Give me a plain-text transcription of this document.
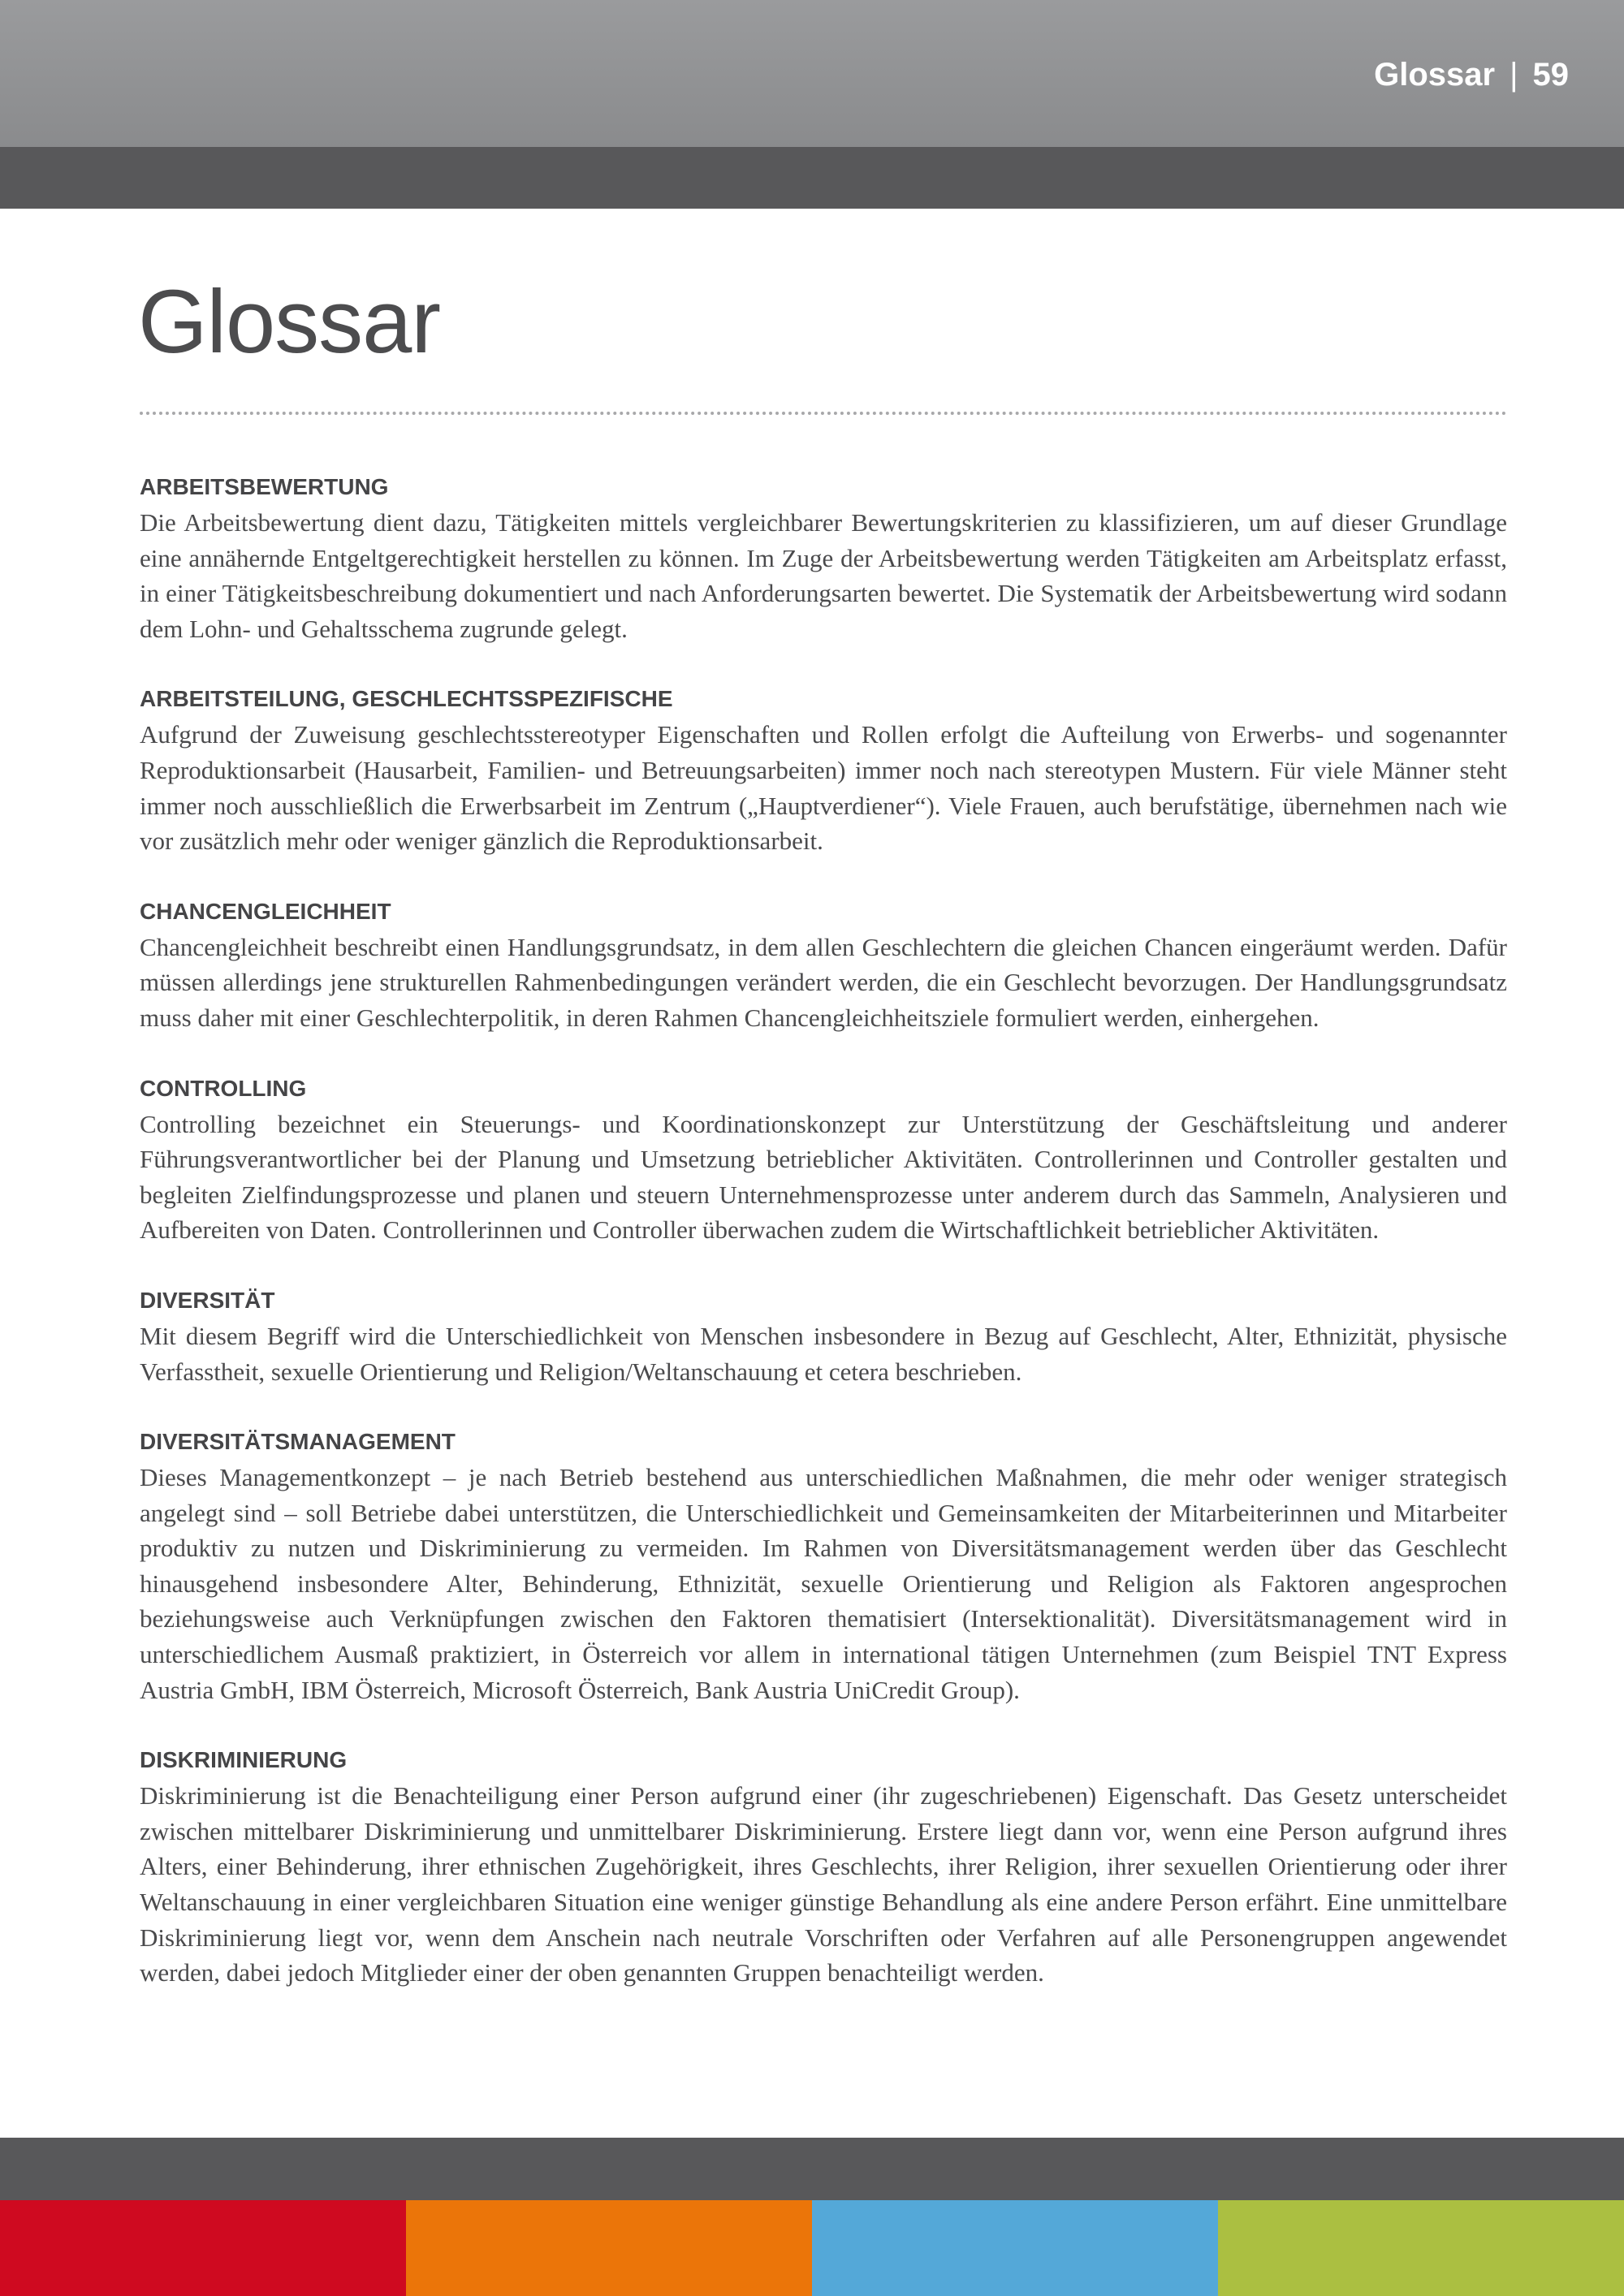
Glossar | 59
Glossar
ARBEITSBEWERTUNG

Die Arbeitsbewertung dient dazu, Tätigkeiten mittels vergleichbarer Bewertungskriterien zu klassifizieren, um auf dieser Grundlage eine annähernde Entgeltgerechtigkeit herstellen zu können. Im Zuge der Arbeitsbewertung werden Tätigkeiten am Arbeitsplatz erfasst, in einer Tätigkeitsbeschreibung dokumentiert und nach Anforderungsarten bewertet. Die Systematik der Arbeitsbewertung wird sodann dem Lohn- und Gehaltsschema zugrunde gelegt.

ARBEITSTEILUNG, GESCHLECHTSSPEZIFISCHE

Aufgrund der Zuweisung geschlechtsstereotyper Eigenschaften und Rollen erfolgt die Aufteilung von Erwerbs- und sogenannter Reproduktionsarbeit (Hausarbeit, Familien- und Betreuungsarbeiten) immer noch nach stereotypen Mustern. Für viele Männer steht immer noch ausschließlich die Erwerbsarbeit im Zentrum („Hauptverdiener“). Viele Frauen, auch berufstätige, übernehmen nach wie vor zusätzlich mehr oder weniger gänzlich die Reproduktionsarbeit.

CHANCENGLEICHHEIT

Chancengleichheit beschreibt einen Handlungsgrundsatz, in dem allen Geschlechtern die gleichen Chancen eingeräumt werden. Dafür müssen allerdings jene strukturellen Rahmenbedingungen verändert werden, die ein Geschlecht bevorzugen. Der Handlungsgrundsatz muss daher mit einer Geschlechterpolitik, in deren Rahmen Chancengleichheitsziele formuliert werden, einhergehen.

CONTROLLING

Controlling bezeichnet ein Steuerungs- und Koordinationskonzept zur Unterstützung der Geschäftsleitung und anderer Führungsverantwortlicher bei der Planung und Umsetzung betrieblicher Aktivitäten. Controllerinnen und Controller gestalten und begleiten Zielfindungsprozesse und planen und steuern Unternehmensprozesse unter anderem durch das Sammeln, Analysieren und Aufbereiten von Daten. Controllerinnen und Controller überwachen zudem die Wirtschaftlichkeit betrieblicher Aktivitäten.

DIVERSITÄT

Mit diesem Begriff wird die Unterschiedlichkeit von Menschen insbesondere in Bezug auf Geschlecht, Alter, Ethnizität, physische Verfasstheit, sexuelle Orientierung und Religion/Weltanschauung et cetera beschrieben.

DIVERSITÄTSMANAGEMENT

Dieses Managementkonzept – je nach Betrieb bestehend aus unterschiedlichen Maßnahmen, die mehr oder weniger strategisch angelegt sind – soll Betriebe dabei unterstützen, die Unterschiedlichkeit und Gemeinsamkeiten der Mitarbeiterinnen und Mitarbeiter produktiv zu nutzen und Diskriminierung zu vermeiden. Im Rahmen von Diversitätsmanagement werden über das Geschlecht hinausgehend insbesondere Alter, Behinderung, Ethnizität, sexuelle Orientierung und Religion als Faktoren angesprochen beziehungsweise auch Verknüpfungen zwischen den Faktoren thematisiert (Intersektionalität). Diversitätsmanagement wird in unterschiedlichem Ausmaß praktiziert, in Österreich vor allem in international tätigen Unternehmen (zum Beispiel TNT Express Austria GmbH, IBM Österreich, Microsoft Österreich, Bank Austria UniCredit Group).

DISKRIMINIERUNG

Diskriminierung ist die Benachteiligung einer Person aufgrund einer (ihr zugeschriebenen) Eigenschaft. Das Gesetz unterscheidet zwischen mittelbarer Diskriminierung und unmittelbarer Diskriminierung. Erstere liegt dann vor, wenn eine Person aufgrund ihres Alters, einer Behinderung, ihrer ethnischen Zugehörigkeit, ihres Geschlechts, ihrer Religion, ihrer sexuellen Orientierung oder ihrer Weltanschauung in einer vergleichbaren Situation eine weniger günstige Behandlung als eine andere Person erfährt. Eine unmittelbare Diskriminierung liegt vor, wenn dem Anschein nach neutrale Vorschriften oder Verfahren auf alle Personengruppen angewendet werden, dabei jedoch Mitglieder einer der oben genannten Gruppen benachteiligt werden.
